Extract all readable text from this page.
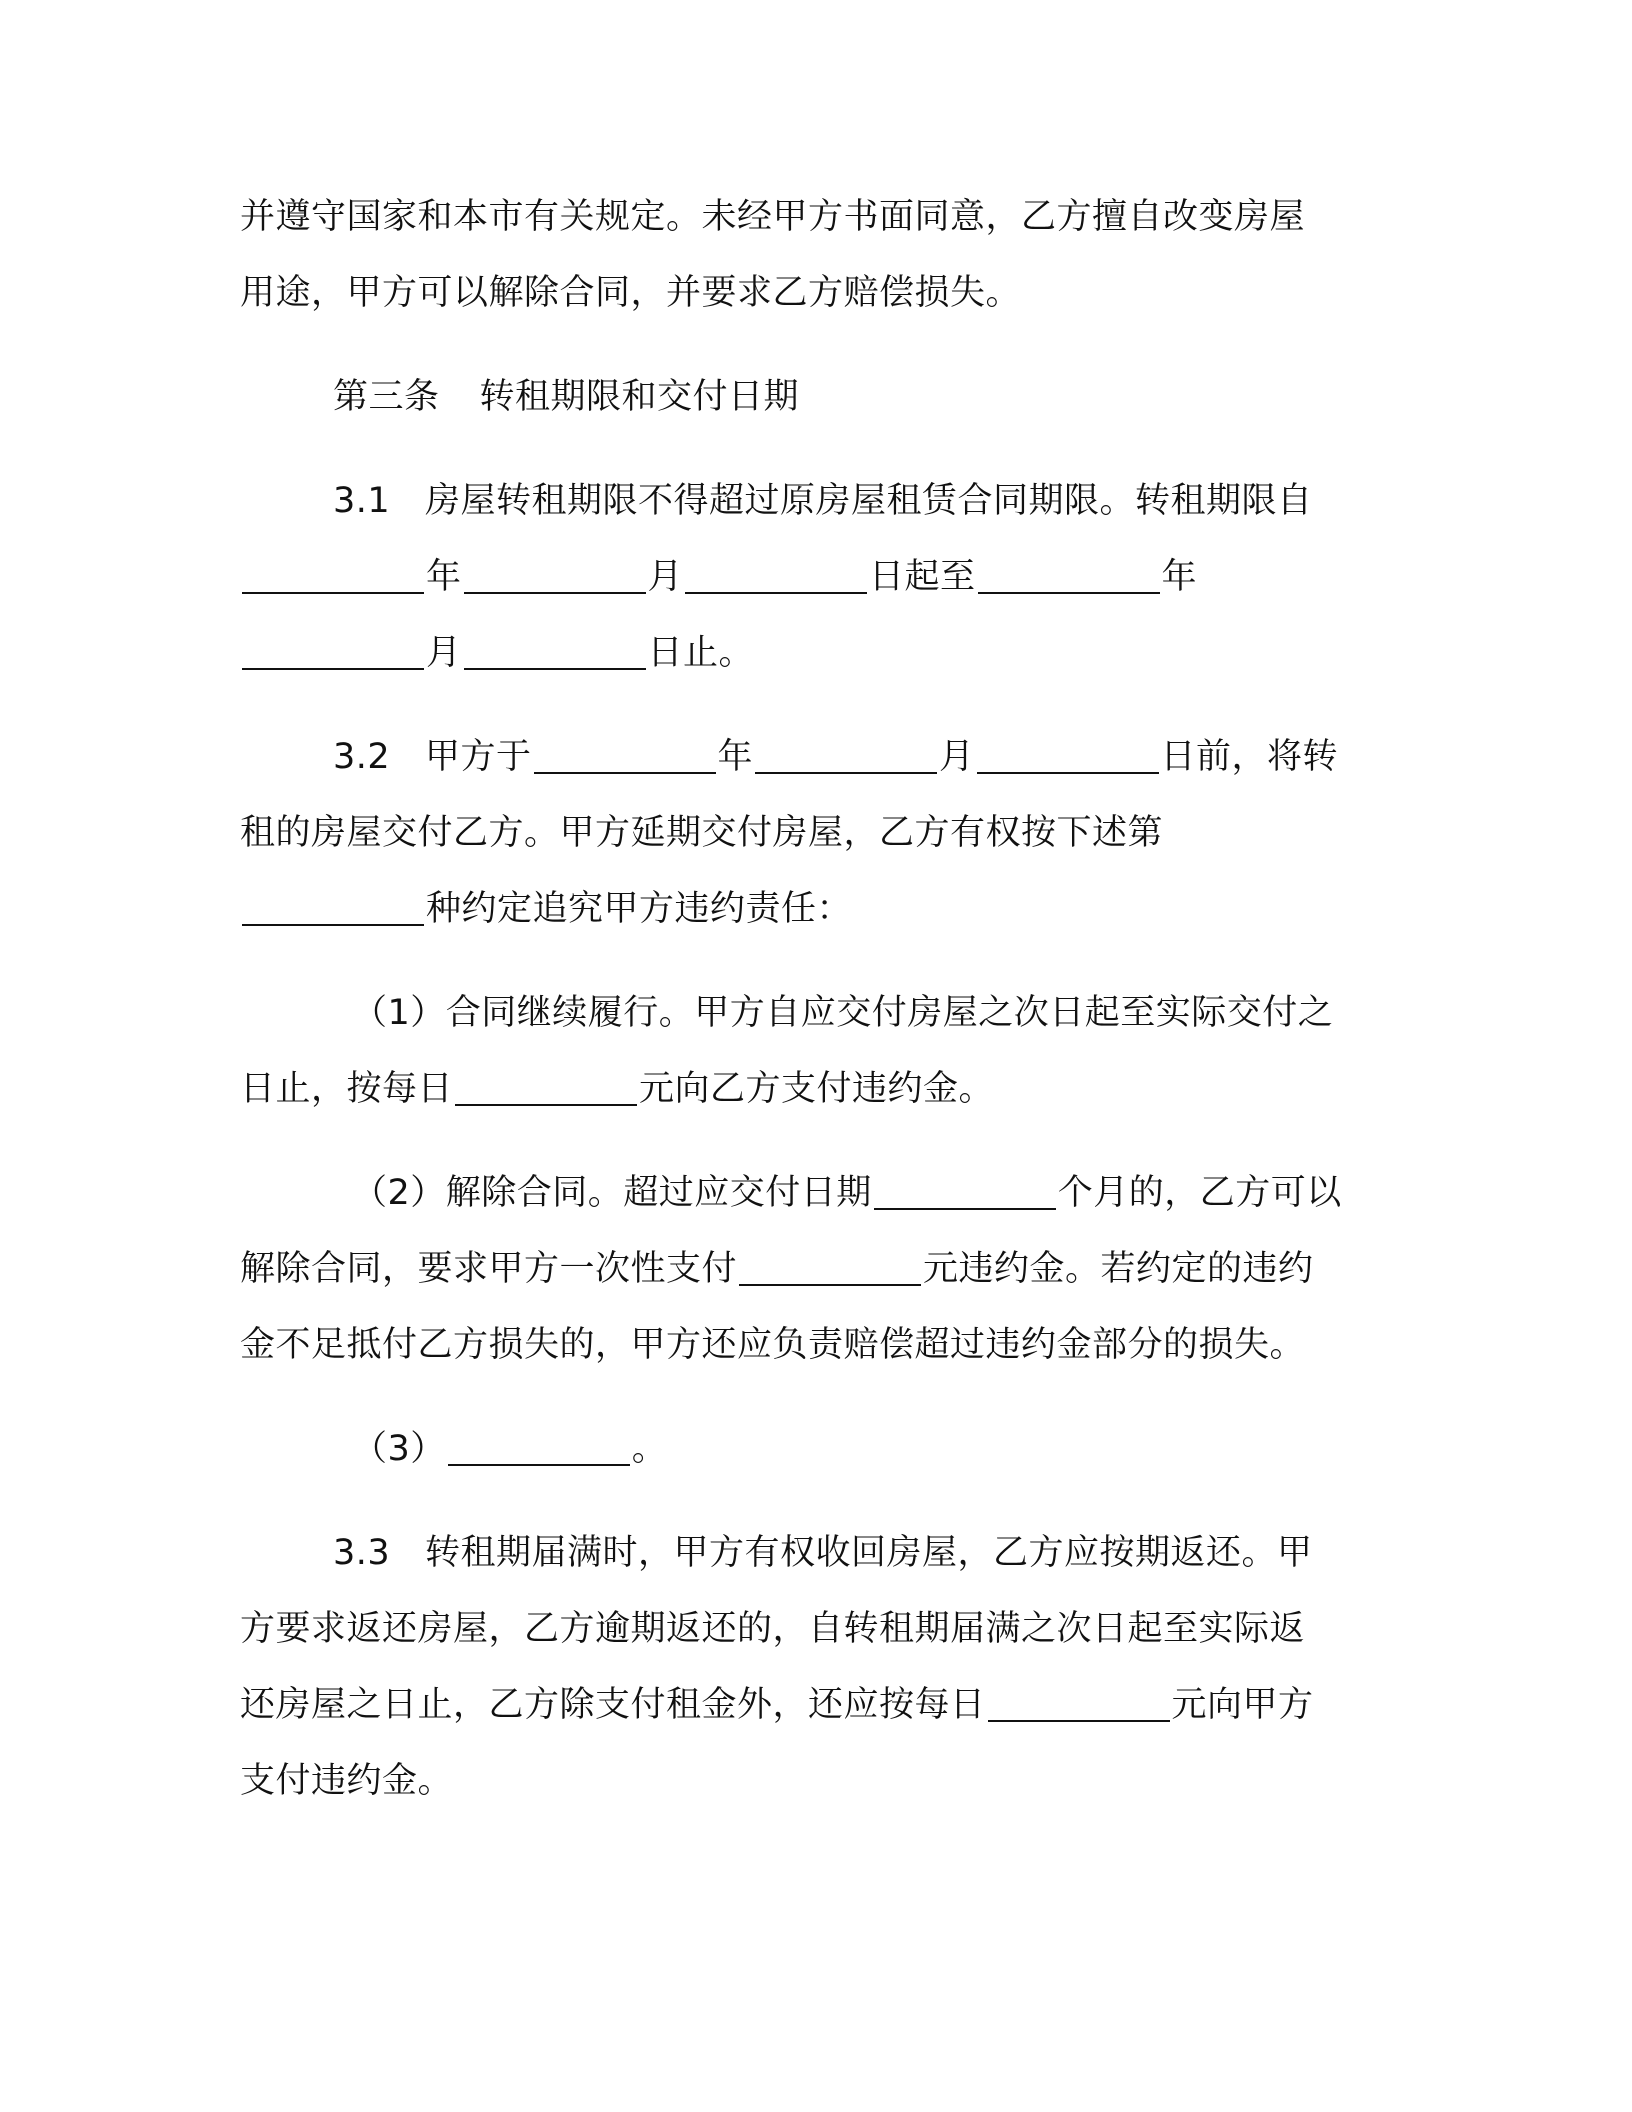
并遵守国家和本市有关规定。未经甲方书面同意，乙方擅自改变房屋
用途，甲方可以解除合同，并要求乙方赔偿损失。
第三条 转租期限和交付日期
3.1 房屋转租期限不得超过原房屋租赁合同期限。转租期限自
年	月	日起至	年
月	日止。
3.2 甲方于	年	月	日前，将转
租的房屋交付乙方。甲方延期交付房屋，乙方有权按下述第
种约定追究甲方违约责任：
（1）合同继续履行。甲方自应交付房屋之次日起至实际交付之
日止，按每日	元向乙方支付违约金。
（2）解除合同。超过应交付日期	个月的，乙方可以
解除合同，要求甲方一次性支付	元违约金。若约定的违约
金不足抵付乙方损失的，甲方还应负责赔偿超过违约金部分的损失。
（3）	。
3.3 转租期届满时，甲方有权收回房屋，乙方应按期返还。甲
方要求返还房屋，乙方逾期返还的，自转租期届满之次日起至实际返
还房屋之日止，乙方除支付租金外，还应按每日	元向甲方
支付违约金。
